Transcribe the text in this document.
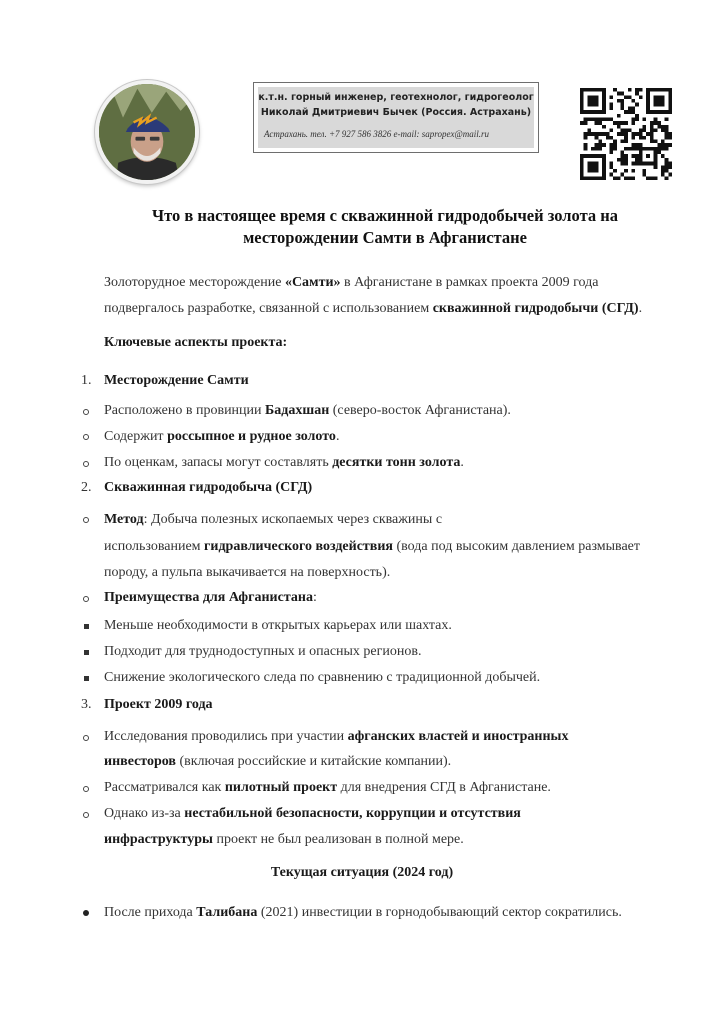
к.т.н. горный инженер, геотехнолог, гидрогеолог
Николай Дмитриевич Бычек (Россия. Астрахань)
Астрахань. тел. +7 927 586 3826 e-mail: sapropex@mail.ru
Что в настоящее время с скважинной гидродобычей золота на
месторождении Самти в Афганистане
Золоторудное месторождение «Самти» в Афганистане в рамках проекта 2009 года
подвергалось разработке, связанной с использованием скважинной гидродобычи (СГД).
Ключевые аспекты проекта:
1. Месторождение Самти
Расположено в провинции Бадахшан (северо-восток Афганистана).
Содержит россыпное и рудное золото.
По оценкам, запасы могут составлять десятки тонн золота.
2. Скважинная гидродобыча (СГД)
Метод: Добыча полезных ископаемых через скважины с
использованием гидравлического воздействия (вода под высоким давлением размывает
породу, а пульпа выкачивается на поверхность).
Преимущества для Афганистана:
Меньше необходимости в открытых карьерах или шахтах.
Подходит для труднодоступных и опасных регионов.
Снижение экологического следа по сравнению с традиционной добычей.
3. Проект 2009 года
Исследования проводились при участии афганских властей и иностранных
инвесторов (включая российские и китайские компании).
Рассматривался как пилотный проект для внедрения СГД в Афганистане.
Однако из-за нестабильной безопасности, коррупции и отсутствия
инфраструктуры проект не был реализован в полной мере.
Текущая ситуация (2024 год)
После прихода Талибана (2021) инвестиции в горнодобывающий сектор сократились.
